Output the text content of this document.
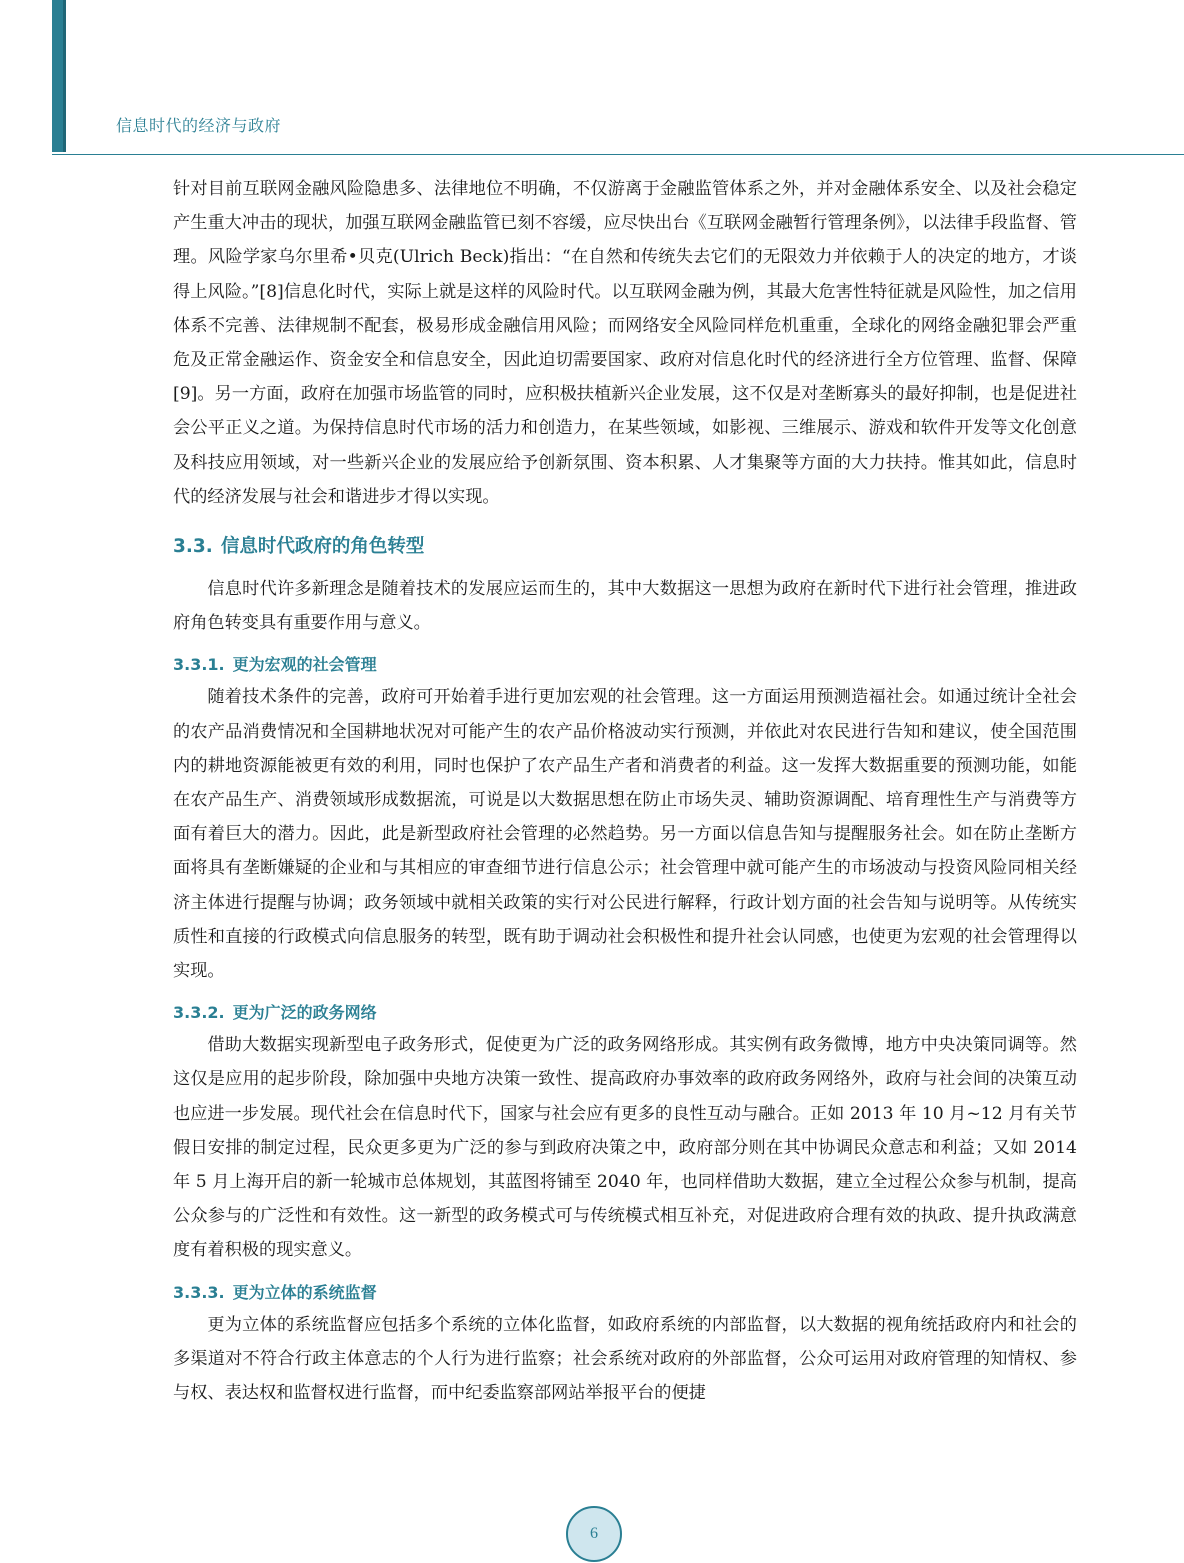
信息时代的经济与政府

针对目前互联网金融风险隐患多、法律地位不明确，不仅游离于金融监管体系之外，并对金融体系安全、以及社会稳定产生重大冲击的现状，加强互联网金融监管已刻不容缓，应尽快出台《互联网金融暂行管理条例》，以法律手段监督、管理。风险学家乌尔里希•贝克(Ulrich Beck)指出：“在自然和传统失去它们的无限效力并依赖于人的决定的地方，才谈得上风险。”[8]信息化时代，实际上就是这样的风险时代。以互联网金融为例，其最大危害性特征就是风险性，加之信用体系不完善、法律规制不配套，极易形成金融信用风险；而网络安全风险同样危机重重，全球化的网络金融犯罪会严重危及正常金融运作、资金安全和信息安全，因此迫切需要国家、政府对信息化时代的经济进行全方位管理、监督、保障[9]。另一方面，政府在加强市场监管的同时，应积极扶植新兴企业发展，这不仅是对垄断寡头的最好抑制，也是促进社会公平正义之道。为保持信息时代市场的活力和创造力，在某些领域，如影视、三维展示、游戏和软件开发等文化创意及科技应用领域，对一些新兴企业的发展应给予创新氛围、资本积累、人才集聚等方面的大力扶持。惟其如此，信息时代的经济发展与社会和谐进步才得以实现。

3.3. 信息时代政府的角色转型

信息时代许多新理念是随着技术的发展应运而生的，其中大数据这一思想为政府在新时代下进行社会管理，推进政府角色转变具有重要作用与意义。

3.3.1. 更为宏观的社会管理

随着技术条件的完善，政府可开始着手进行更加宏观的社会管理。这一方面运用预测造福社会。如通过统计全社会的农产品消费情况和全国耕地状况对可能产生的农产品价格波动实行预测，并依此对农民进行告知和建议，使全国范围内的耕地资源能被更有效的利用，同时也保护了农产品生产者和消费者的利益。这一发挥大数据重要的预测功能，如能在农产品生产、消费领域形成数据流，可说是以大数据思想在防止市场失灵、辅助资源调配、培育理性生产与消费等方面有着巨大的潜力。因此，此是新型政府社会管理的必然趋势。另一方面以信息告知与提醒服务社会。如在防止垄断方面将具有垄断嫌疑的企业和与其相应的审查细节进行信息公示；社会管理中就可能产生的市场波动与投资风险同相关经济主体进行提醒与协调；政务领域中就相关政策的实行对公民进行解释，行政计划方面的社会告知与说明等。从传统实质性和直接的行政模式向信息服务的转型，既有助于调动社会积极性和提升社会认同感，也使更为宏观的社会管理得以实现。

3.3.2. 更为广泛的政务网络

借助大数据实现新型电子政务形式，促使更为广泛的政务网络形成。其实例有政务微博，地方中央决策同调等。然这仅是应用的起步阶段，除加强中央地方决策一致性、提高政府办事效率的政府政务网络外，政府与社会间的决策互动也应进一步发展。现代社会在信息时代下，国家与社会应有更多的良性互动与融合。正如 2013 年 10 月~12 月有关节假日安排的制定过程，民众更多更为广泛的参与到政府决策之中，政府部分则在其中协调民众意志和利益；又如 2014 年 5 月上海开启的新一轮城市总体规划，其蓝图将铺至 2040 年，也同样借助大数据，建立全过程公众参与机制，提高公众参与的广泛性和有效性。这一新型的政务模式可与传统模式相互补充，对促进政府合理有效的执政、提升执政满意度有着积极的现实意义。

3.3.3. 更为立体的系统监督

更为立体的系统监督应包括多个系统的立体化监督，如政府系统的内部监督，以大数据的视角统括政府内和社会的多渠道对不符合行政主体意志的个人行为进行监察；社会系统对政府的外部监督，公众可运用对政府管理的知情权、参与权、表达权和监督权进行监督，而中纪委监察部网站举报平台的便捷

6
